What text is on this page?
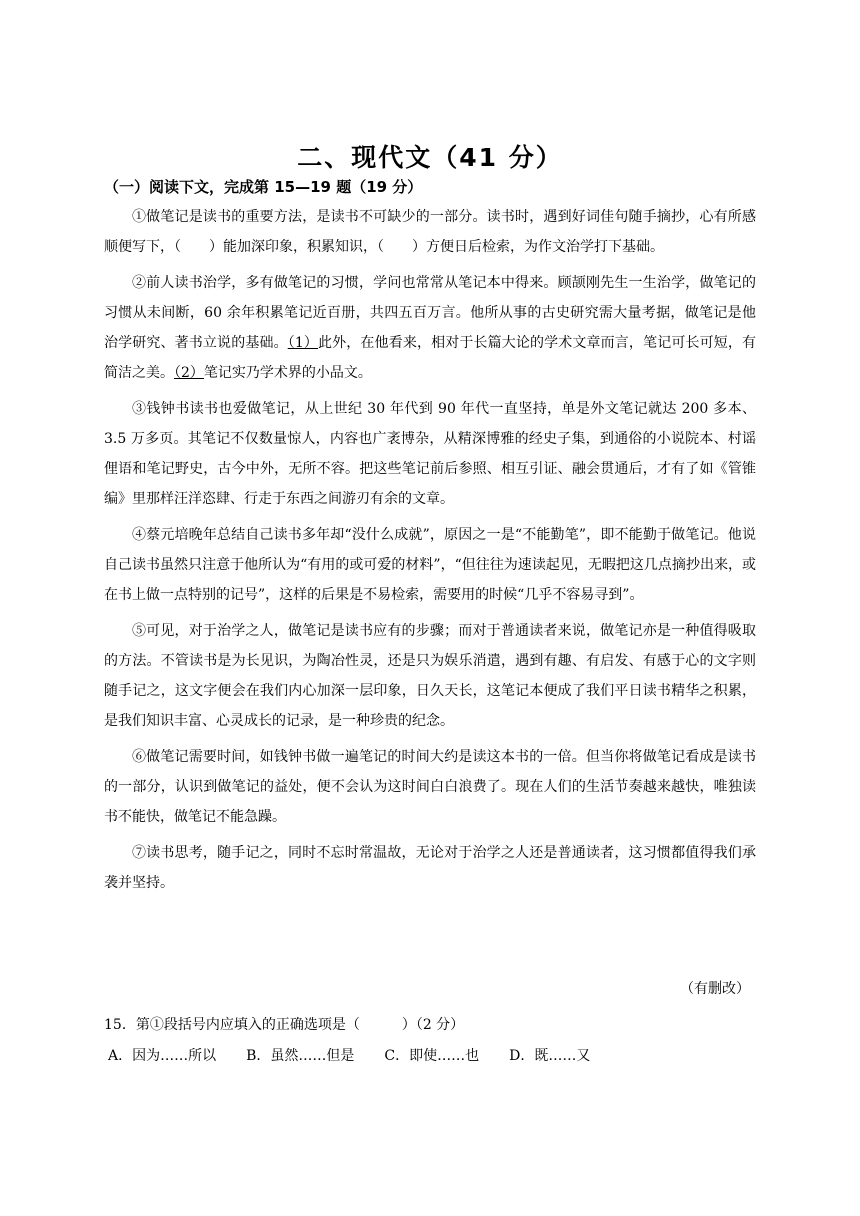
二、现代文（41 分）
（一）阅读下文，完成第 15—19 题（19 分）

①做笔记是读书的重要方法，是读书不可缺少的一部分。读书时，遇到好词佳句随手摘抄，心有所感顺便写下，（　　）能加深印象，积累知识，（　　）方便日后检索，为作文治学打下基础。

②前人读书治学，多有做笔记的习惯，学问也常常从笔记本中得来。顾颉刚先生一生治学，做笔记的习惯从未间断，60 余年积累笔记近百册，共四五百万言。他所从事的古史研究需大量考据，做笔记是他治学研究、著书立说的基础。（1）此外，在他看来，相对于长篇大论的学术文章而言，笔记可长可短，有简洁之美。（2）笔记实乃学术界的小品文。

③钱钟书读书也爱做笔记，从上世纪 30 年代到 90 年代一直坚持，单是外文笔记就达 200 多本、3.5 万多页。其笔记不仅数量惊人，内容也广袤博杂，从精深博雅的经史子集，到通俗的小说院本、村谣俚语和笔记野史，古今中外，无所不容。把这些笔记前后参照、相互引证、融会贯通后，才有了如《管锥编》里那样汪洋恣肆、行走于东西之间游刃有余的文章。

④蔡元培晚年总结自己读书多年却“没什么成就”，原因之一是“不能勤笔”，即不能勤于做笔记。他说自己读书虽然只注意于他所认为“有用的或可爱的材料”，“但往往为速读起见，无暇把这几点摘抄出来，或在书上做一点特别的记号”，这样的后果是不易检索，需要用的时候“几乎不容易寻到”。

⑤可见，对于治学之人，做笔记是读书应有的步骤；而对于普通读者来说，做笔记亦是一种值得吸取的方法。不管读书是为长见识，为陶冶性灵，还是只为娱乐消遣，遇到有趣、有启发、有感于心的文字则随手记之，这文字便会在我们内心加深一层印象，日久天长，这笔记本便成了我们平日读书精华之积累，是我们知识丰富、心灵成长的记录，是一种珍贵的纪念。

⑥做笔记需要时间，如钱钟书做一遍笔记的时间大约是读这本书的一倍。但当你将做笔记看成是读书的一部分，认识到做笔记的益处，便不会认为这时间白白浪费了。现在人们的生活节奏越来越快，唯独读书不能快，做笔记不能急躁。

⑦读书思考，随手记之，同时不忘时常温故，无论对于治学之人还是普通读者，这习惯都值得我们承袭并坚持。

（有删改）

15．第①段括号内应填入的正确选项是（　　　）（2 分）

A．因为……所以 B．虽然……但是 C．即使……也 D．既……又
